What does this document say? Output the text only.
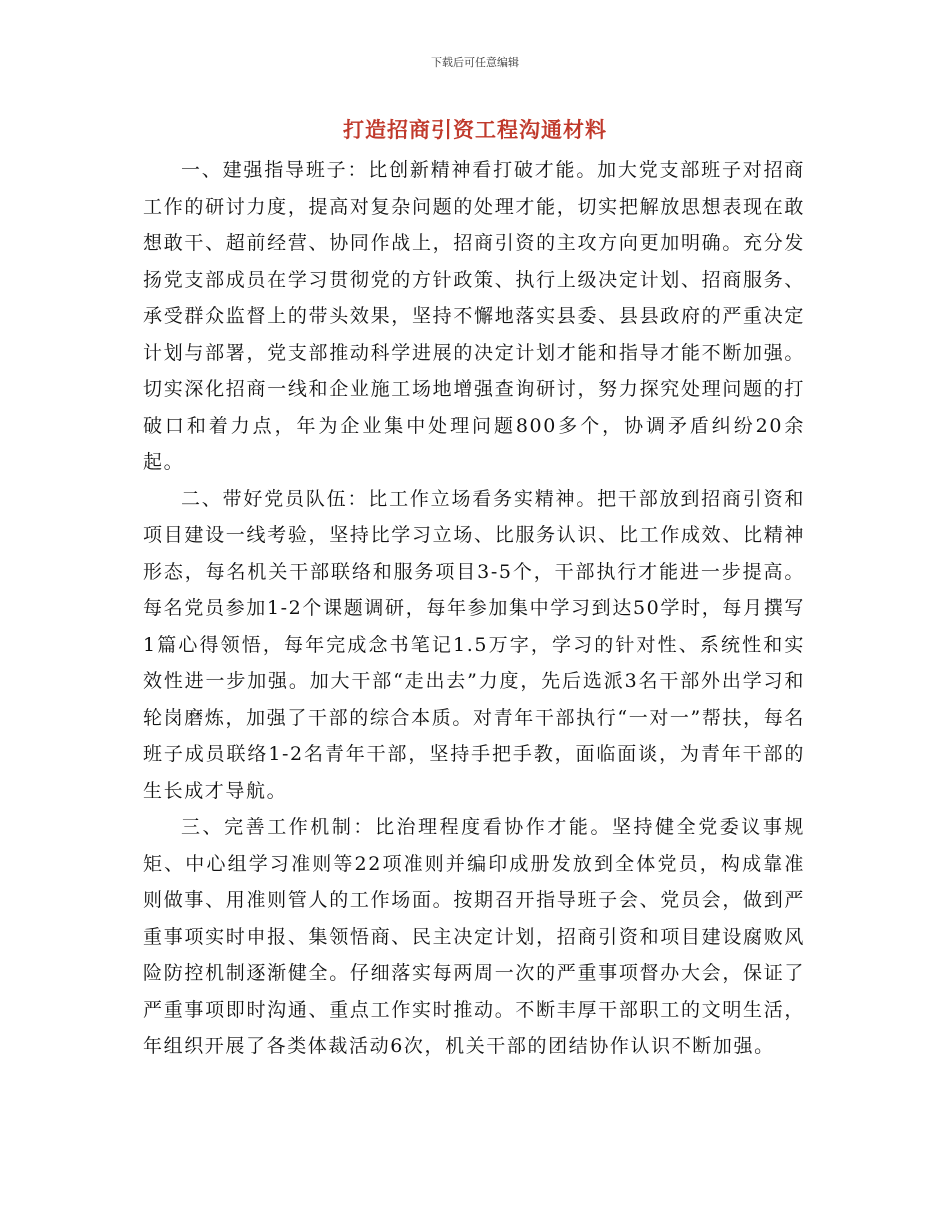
下载后可任意编辑
打造招商引资工程沟通材料

一、建强指导班子：比创新精神看打破才能。加大党支部班子对招商工作的研讨力度，提高对复杂问题的处理才能，切实把解放思想表现在敢想敢干、超前经营、协同作战上，招商引资的主攻方向更加明确。充分发扬党支部成员在学习贯彻党的方针政策、执行上级决定计划、招商服务、承受群众监督上的带头效果，坚持不懈地落实县委、县县政府的严重决定计划与部署，党支部推动科学进展的决定计划才能和指导才能不断加强。切实深化招商一线和企业施工场地增强查询研讨，努力探究处理问题的打破口和着力点，年为企业集中处理问题800多个，协调矛盾纠纷20余起。

二、带好党员队伍：比工作立场看务实精神。把干部放到招商引资和项目建设一线考验，坚持比学习立场、比服务认识、比工作成效、比精神形态，每名机关干部联络和服务项目3-5个，干部执行才能进一步提高。每名党员参加1-2个课题调研，每年参加集中学习到达50学时，每月撰写1篇心得领悟，每年完成念书笔记1.5万字，学习的针对性、系统性和实效性进一步加强。加大干部“走出去”力度，先后选派3名干部外出学习和轮岗磨炼，加强了干部的综合本质。对青年干部执行“一对一”帮扶，每名班子成员联络1-2名青年干部，坚持手把手教，面临面谈，为青年干部的生长成才导航。

三、完善工作机制：比治理程度看协作才能。坚持健全党委议事规矩、中心组学习准则等22项准则并编印成册发放到全体党员，构成靠准则做事、用准则管人的工作场面。按期召开指导班子会、党员会，做到严重事项实时申报、集领悟商、民主决定计划，招商引资和项目建设腐败风险防控机制逐渐健全。仔细落实每两周一次的严重事项督办大会，保证了严重事项即时沟通、重点工作实时推动。不断丰厚干部职工的文明生活，年组织开展了各类体裁活动6次，机关干部的团结协作认识不断加强。
